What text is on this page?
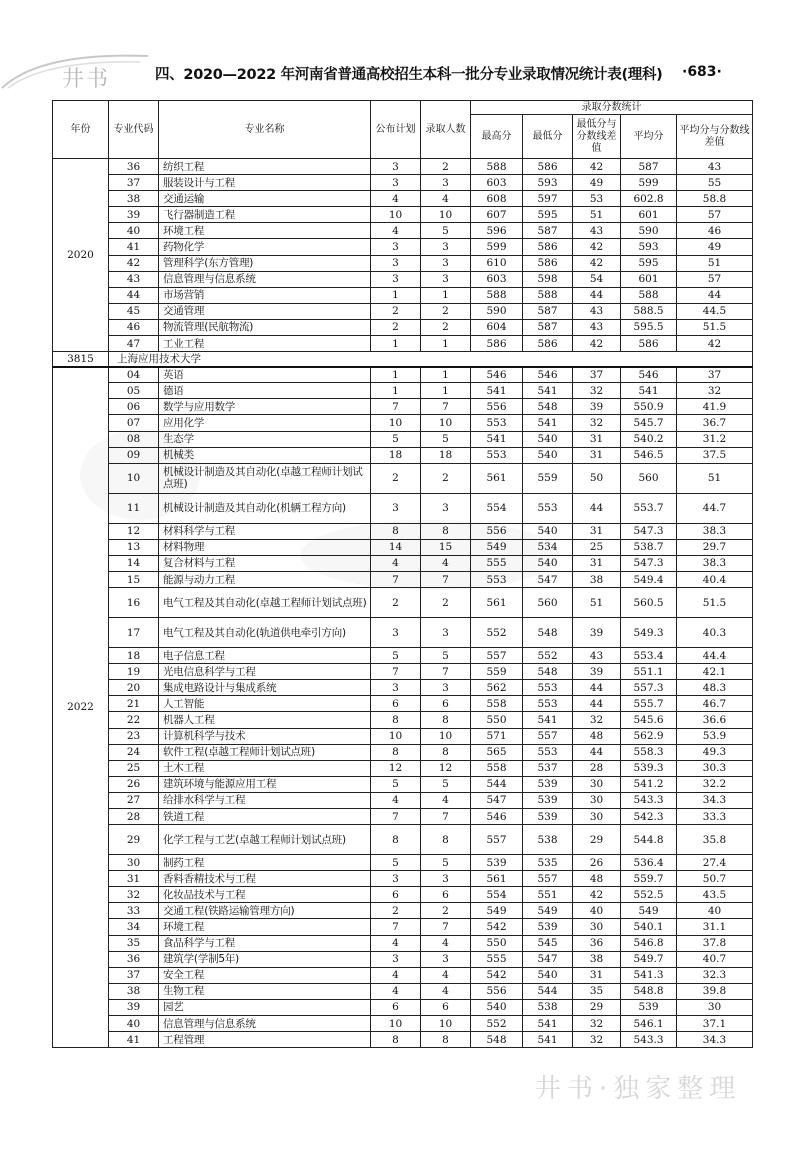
井书	四、2020—2022 年河南省普通高校招生本科一批分专业录取情况统计表(理科) ·683·
年份	专业代码	专业名称	公布计划	录取人数	录取分数统计				
					最高分	最低分	最低分与分数线差值	平均分	平均分与分数线差值
2020	36	纺织工程	3	2	588	586	42	587	43
	37	服装设计与工程	3	3	603	593	49	599	55
	38	交通运输	4	4	608	597	53	602.8	58.8
	39	飞行器制造工程	10	10	607	595	51	601	57
	40	环境工程	4	5	596	587	43	590	46
	41	药物化学	3	3	599	586	42	593	49
	42	管理科学(东方管理)	3	3	610	586	42	595	51
	43	信息管理与信息系统	3	3	603	598	54	601	57
	44	市场营销	1	1	588	588	44	588	44
	45	交通管理	2	2	590	587	43	588.5	44.5
	46	物流管理(民航物流)	2	2	604	587	43	595.5	51.5
	47	工业工程	1	1	586	586	42	586	42
3815	上海应用技术大学								
2022	04	英语	1	1	546	546	37	546	37
	05	德语	1	1	541	541	32	541	32
	06	数学与应用数学	7	7	556	548	39	550.9	41.9
	07	应用化学	10	10	553	541	32	545.7	36.7
	08	生态学	5	5	541	540	31	540.2	31.2
	09	机械类	18	18	553	540	31	546.5	37.5
	10	机械设计制造及其自动化(卓越工程师计划试点班)	2	2	561	559	50	560	51
	11	机械设计制造及其自动化(机辆工程方向)	3	3	554	553	44	553.7	44.7
	12	材料科学与工程	8	8	556	540	31	547.3	38.3
	13	材料物理	14	15	549	534	25	538.7	29.7
	14	复合材料与工程	4	4	555	540	31	547.3	38.3
	15	能源与动力工程	7	7	553	547	38	549.4	40.4
	16	电气工程及其自动化(卓越工程师计划试点班)	2	2	561	560	51	560.5	51.5
	17	电气工程及其自动化(轨道供电牵引方向)	3	3	552	548	39	549.3	40.3
	18	电子信息工程	5	5	557	552	43	553.4	44.4
	19	光电信息科学与工程	7	7	559	548	39	551.1	42.1
	20	集成电路设计与集成系统	3	3	562	553	44	557.3	48.3
	21	人工智能	6	6	558	553	44	555.7	46.7
	22	机器人工程	8	8	550	541	32	545.6	36.6
	23	计算机科学与技术	10	10	571	557	48	562.9	53.9
	24	软件工程(卓越工程师计划试点班)	8	8	565	553	44	558.3	49.3
	25	土木工程	12	12	558	537	28	539.3	30.3
	26	建筑环境与能源应用工程	5	5	544	539	30	541.2	32.2
	27	给排水科学与工程	4	4	547	539	30	543.3	34.3
	28	铁道工程	7	7	546	539	30	542.3	33.3
	29	化学工程与工艺(卓越工程师计划试点班)	8	8	557	538	29	544.8	35.8
	30	制药工程	5	5	539	535	26	536.4	27.4
	31	香料香精技术与工程	3	3	561	557	48	559.7	50.7
	32	化妆品技术与工程	6	6	554	551	42	552.5	43.5
	33	交通工程(铁路运输管理方向)	2	2	549	549	40	549	40
	34	环境工程	7	7	542	539	30	540.1	31.1
	35	食品科学与工程	4	4	550	545	36	546.8	37.8
	36	建筑学(学制5年)	3	3	555	547	38	549.7	40.7
	37	安全工程	4	4	542	540	31	541.3	32.3
	38	生物工程	4	4	556	544	35	548.8	39.8
	39	园艺	6	6	540	538	29	539	30
	40	信息管理与信息系统	10	10	552	541	32	546.1	37.1
	41	工程管理	8	8	548	541	32	543.3	34.3
井书·独家整理
